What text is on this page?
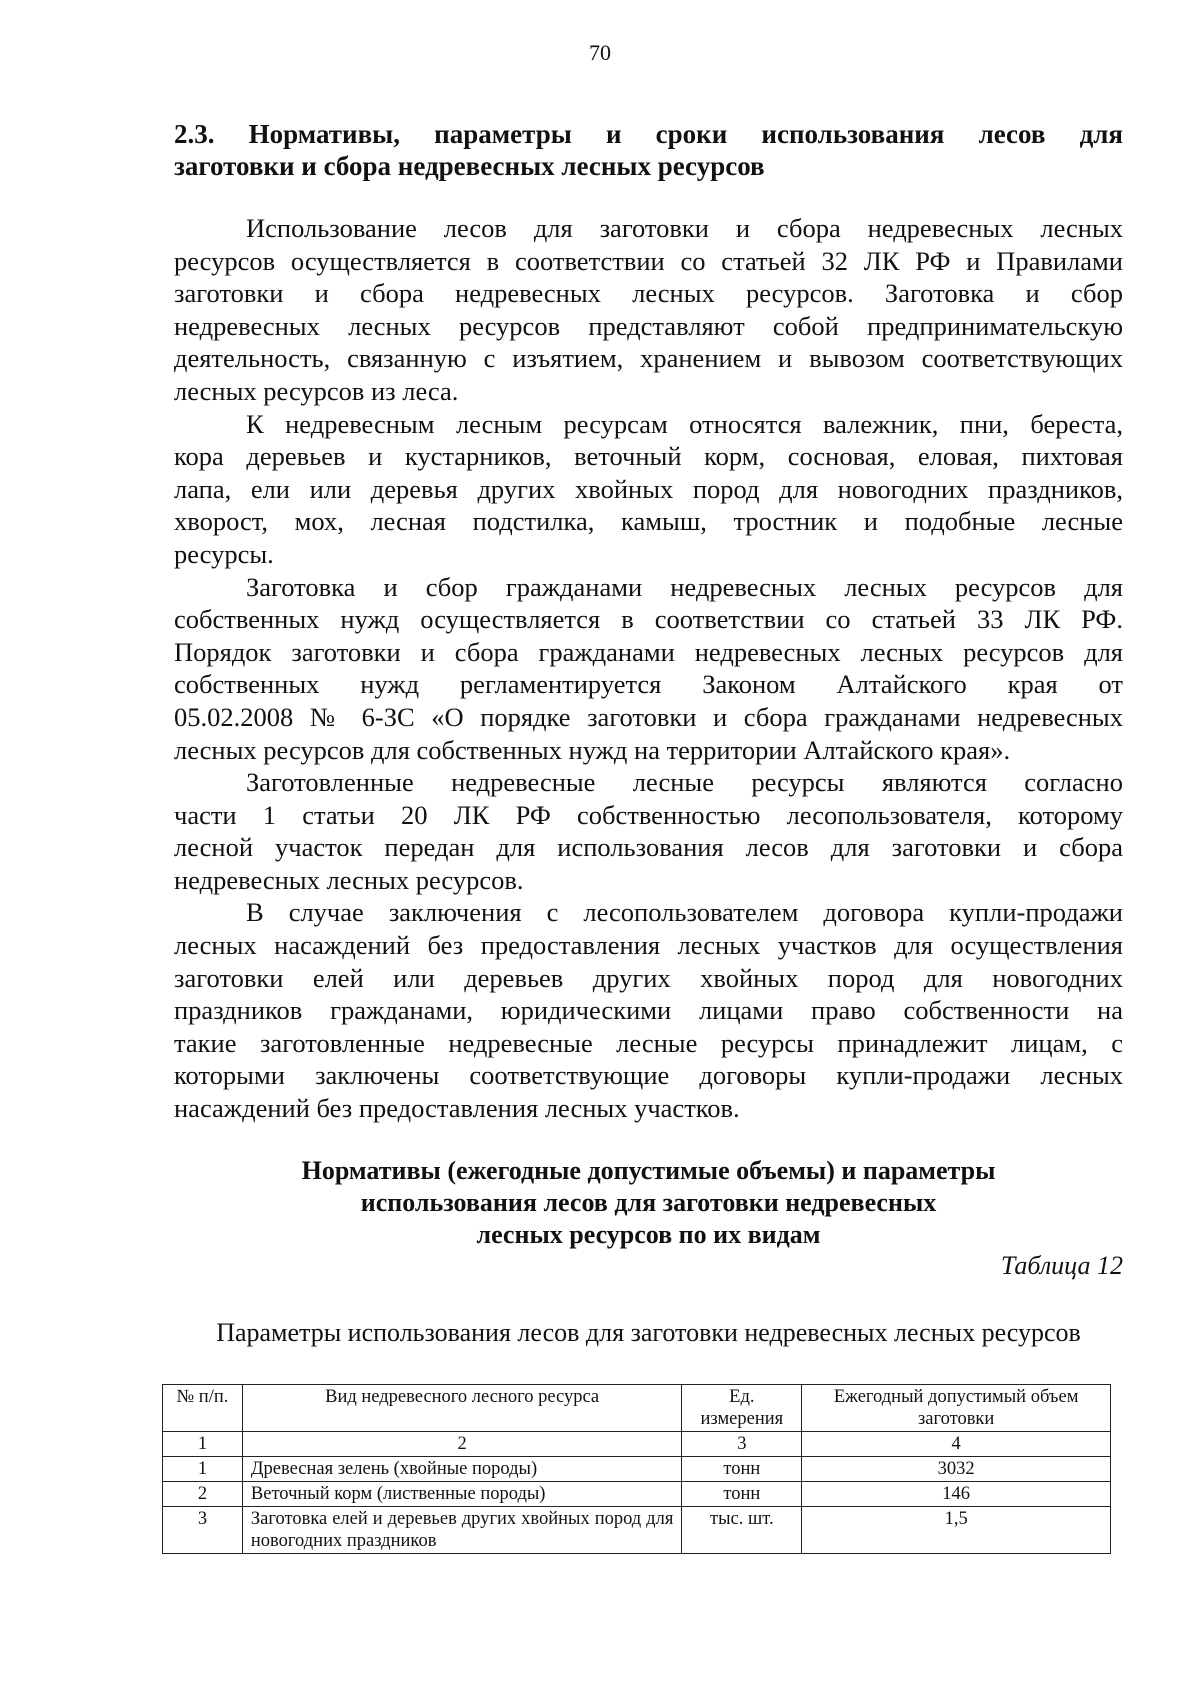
70
2.3. Нормативы, параметры и сроки использования лесов для
заготовки и сбора недревесных лесных ресурсов

Использование лесов для заготовки и сбора недревесных лесных
ресурсов осуществляется в соответствии со статьей 32 ЛК РФ и Правилами
заготовки и сбора недревесных лесных ресурсов. Заготовка и сбор
недревесных лесных ресурсов представляют собой предпринимательскую
деятельность, связанную с изъятием, хранением и вывозом соответствующих
лесных ресурсов из леса.

К недревесным лесным ресурсам относятся валежник, пни, береста,
кора деревьев и кустарников, веточный корм, сосновая, еловая, пихтовая
лапа, ели или деревья других хвойных пород для новогодних праздников,
хворост, мох, лесная подстилка, камыш, тростник и подобные лесные
ресурсы.

Заготовка и сбор гражданами недревесных лесных ресурсов для
собственных нужд осуществляется в соответствии со статьей 33 ЛК РФ.
Порядок заготовки и сбора гражданами недревесных лесных ресурсов для
собственных нужд регламентируется Законом Алтайского края от
05.02.2008 № 6-ЗС «О порядке заготовки и сбора гражданами недревесных
лесных ресурсов для собственных нужд на территории Алтайского края».

Заготовленные недревесные лесные ресурсы являются согласно
части 1 статьи 20 ЛК РФ собственностью лесопользователя, которому
лесной участок передан для использования лесов для заготовки и сбора
недревесных лесных ресурсов.

В случае заключения с лесопользователем договора купли-продажи
лесных насаждений без предоставления лесных участков для осуществления
заготовки елей или деревьев других хвойных пород для новогодних
праздников гражданами, юридическими лицами право собственности на
такие заготовленные недревесные лесные ресурсы принадлежит лицам, с
которыми заключены соответствующие договоры купли-продажи лесных
насаждений без предоставления лесных участков.

Нормативы (ежегодные допустимые объемы) и параметры
использования лесов для заготовки недревесных
лесных ресурсов по их видам
Таблица 12
Параметры использования лесов для заготовки недревесных лесных ресурсов
№ п/п.	Вид недревесного лесного ресурса	Ед. измерения	Ежегодный допустимый объем заготовки
1	2	3	4
1	Древесная зелень (хвойные породы)	тонн	3032
2	Веточный корм (лиственные породы)	тонн	146
3	Заготовка елей и деревьев других хвойных пород для новогодних праздников	тыс. шт.	1,5
